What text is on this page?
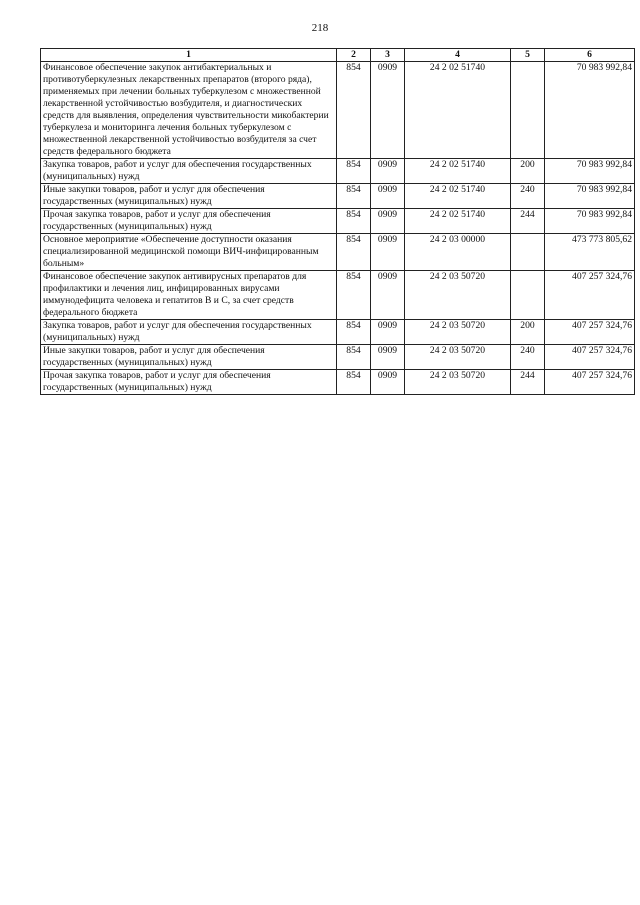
218
1	2	3	4	5	6
Финансовое обеспечение закупок антибактериальных и противотуберкулезных лекарственных препаратов (второго ряда), применяемых при лечении больных туберкулезом с множественной лекарственной устойчивостью возбудителя, и диагностических средств для выявления, определения чувствительности микобактерии туберкулеза и мониторинга лечения больных туберкулезом с множественной лекарственной устойчивостью возбудителя за счет средств федерального бюджета	854	0909	24 2 02 51740		70 983 992,84
Закупка товаров, работ и услуг для обеспечения государственных (муниципальных) нужд	854	0909	24 2 02 51740	200	70 983 992,84
Иные закупки товаров, работ и услуг для обеспечения государственных (муниципальных) нужд	854	0909	24 2 02 51740	240	70 983 992,84
Прочая закупка товаров, работ и услуг для обеспечения государственных (муниципальных) нужд	854	0909	24 2 02 51740	244	70 983 992,84
Основное мероприятие «Обеспечение доступности оказания специализированной медицинской помощи ВИЧ-инфицированным больным»	854	0909	24 2 03 00000		473 773 805,62
Финансовое обеспечение закупок антивирусных препаратов для профилактики и лечения лиц, инфицированных вирусами иммунодефицита человека и гепатитов В и С, за счет средств федерального бюджета	854	0909	24 2 03 50720		407 257 324,76
Закупка товаров, работ и услуг для обеспечения государственных (муниципальных) нужд	854	0909	24 2 03 50720	200	407 257 324,76
Иные закупки товаров, работ и услуг для обеспечения государственных (муниципальных) нужд	854	0909	24 2 03 50720	240	407 257 324,76
Прочая закупка товаров, работ и услуг для обеспечения государственных (муниципальных) нужд	854	0909	24 2 03 50720	244	407 257 324,76
